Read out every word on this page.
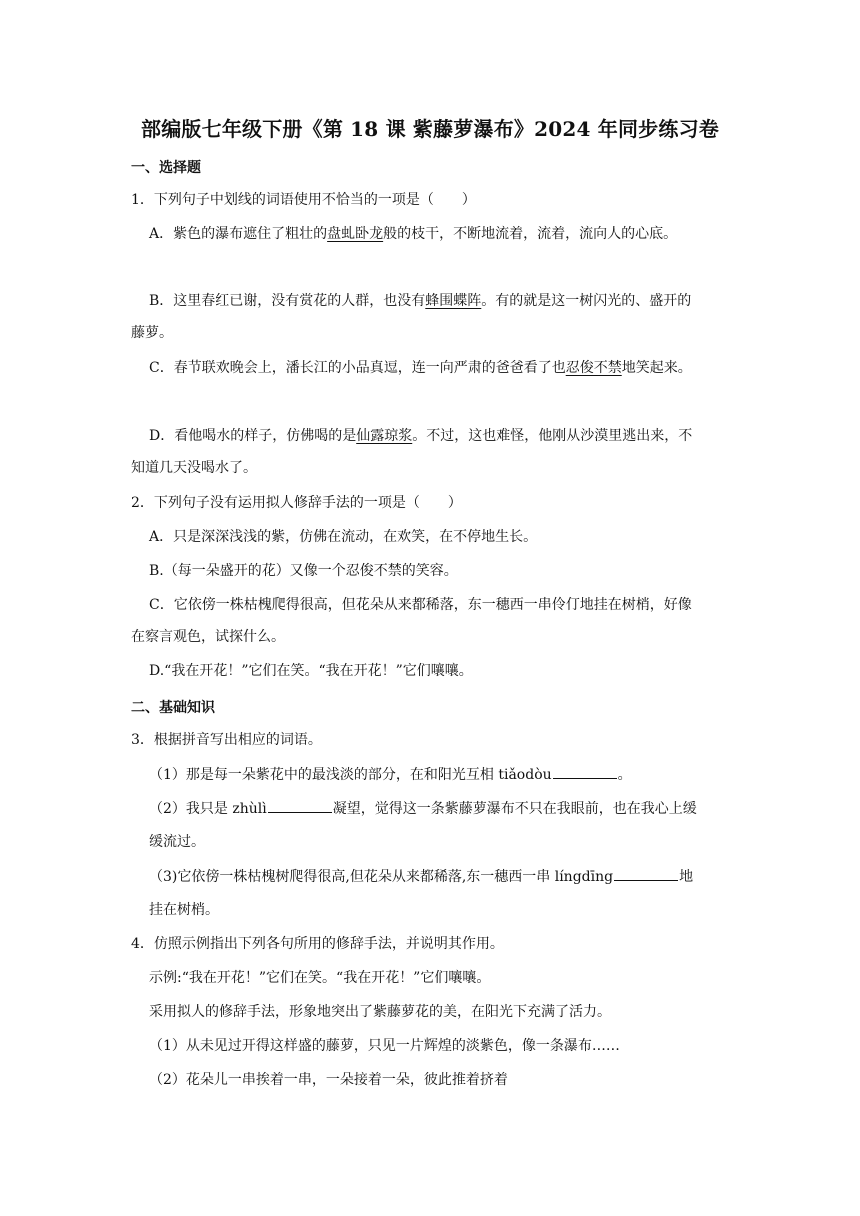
部编版七年级下册《第 18 课 紫藤萝瀑布》2024 年同步练习卷
一、选择题
1．下列句子中划线的词语使用不恰当的一项是（　　）
A．紫色的瀑布遮住了粗壮的盘虬卧龙般的枝干，不断地流着，流着，流向人的心底。
B．这里春红已谢，没有赏花的人群，也没有蜂围蝶阵。有的就是这一树闪光的、盛开的
藤萝。
C．春节联欢晚会上，潘长江的小品真逗，连一向严肃的爸爸看了也忍俊不禁地笑起来。
D．看他喝水的样子，仿佛喝的是仙露琼浆。不过，这也难怪，他刚从沙漠里逃出来，不
知道几天没喝水了。
2．下列句子没有运用拟人修辞手法的一项是（　　）
A．只是深深浅浅的紫，仿佛在流动，在欢笑，在不停地生长。
B.（每一朵盛开的花）又像一个忍俊不禁的笑容。
C．它依傍一株枯槐爬得很高，但花朵从来都稀落，东一穗西一串伶仃地挂在树梢，好像
在察言观色，试探什么。
D.“我在开花！”它们在笑。“我在开花！”它们嚷嚷。
二、基础知识
3．根据拼音写出相应的词语。
（1）那是每一朵紫花中的最浅淡的部分，在和阳光互相 tiǎodòu	。
（2）我只是 zhùlì	凝望，觉得这一条紫藤萝瀑布不只在我眼前，也在我心上缓
缓流过。
（3)它依傍一株枯槐树爬得很高,但花朵从来都稀落,东一穗西一串 língdīng	地
挂在树梢。
4．仿照示例指出下列各句所用的修辞手法，并说明其作用。
示例:“我在开花！”它们在笑。“我在开花！”它们嚷嚷。
采用拟人的修辞手法，形象地突出了紫藤萝花的美，在阳光下充满了活力。
（1）从未见过开得这样盛的藤萝，只见一片辉煌的淡紫色，像一条瀑布……
（2）花朵儿一串挨着一串，一朵接着一朵，彼此推着挤着
